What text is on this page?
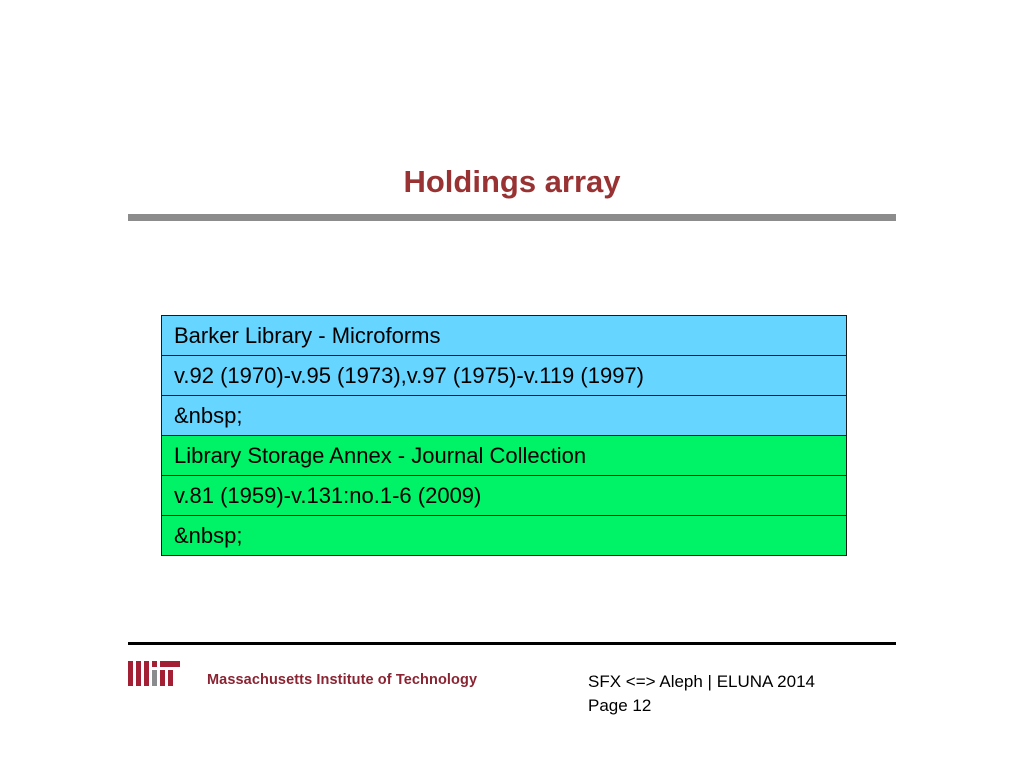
Holdings array
Barker Library - Microforms
v.92 (1970)-v.95 (1973),v.97 (1975)-v.119 (1997)
&nbsp;
Library Storage Annex - Journal Collection
v.81 (1959)-v.131:no.1-6 (2009)
&nbsp;
Massachusetts Institute of Technology	SFX <=> Aleph | ELUNA 2014
Page 12
